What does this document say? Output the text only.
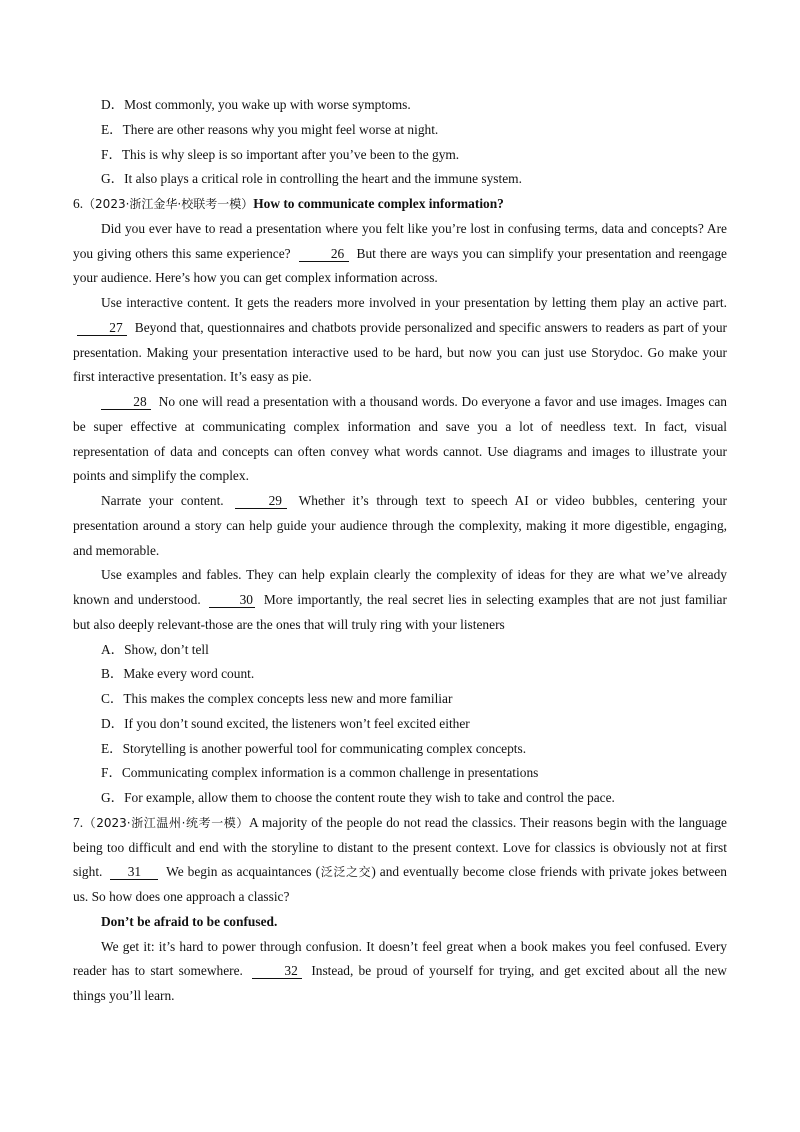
D．Most commonly, you wake up with worse symptoms.
E．There are other reasons why you might feel worse at night.
F．This is why sleep is so important after you’ve been to the gym.
G．It also plays a critical role in controlling the heart and the immune system.

6.（2023·浙江金华·校联考一模）How to communicate complex information?

Did you ever have to read a presentation where you felt like you’re lost in confusing terms, data and concepts? Are you giving others this same experience?	26 But there are ways you can simplify your presentation and reengage your audience. Here’s how you can get complex information across.

Use interactive content. It gets the readers more involved in your presentation by letting them play an active part. 27 Beyond that, questionnaires and chatbots provide personalized and specific answers to readers as part of your presentation. Making your presentation interactive used to be hard, but now you can just use Storydoc. Go make your first interactive presentation. It’s easy as pie.

28 No one will read a presentation with a thousand words. Do everyone a favor and use images. Images can be super effective at communicating complex information and save you a lot of needless text. In fact, visual representation of data and concepts can often convey what words cannot. Use diagrams and images to illustrate your points and simplify the complex.

Narrate your content.	29 Whether it’s through text to speech AI or video bubbles, centering your presentation around a story can help guide your audience through the complexity, making it more digestible, engaging, and memorable.

Use examples and fables. They can help explain clearly the complexity of ideas for they are what we’ve already known and understood.	30 More importantly, the real secret lies in selecting examples that are not just familiar but also deeply relevant-those are the ones that will truly ring with your listeners

A．Show, don’t tell
B．Make every word count.
C．This makes the complex concepts less new and more familiar
D．If you don’t sound excited, the listeners won’t feel excited either
E．Storytelling is another powerful tool for communicating complex concepts.
F．Communicating complex information is a common challenge in presentations
G．For example, allow them to choose the content route they wish to take and control the pace.

7.（2023·浙江温州·统考一模）A majority of the people do not read the classics. Their reasons begin with the language being too difficult and end with the storyline to distant to the present context. Love for classics is obviously not at first sight. 31 We begin as acquaintances (泛泛之交) and eventually become close friends with private jokes between us. So how does one approach a classic?

Don’t be afraid to be confused.

We get it: it’s hard to power through confusion. It doesn’t feel great when a book makes you feel confused. Every reader has to start somewhere.	32 Instead, be proud of yourself for trying, and get excited about all the new things you’ll learn.
